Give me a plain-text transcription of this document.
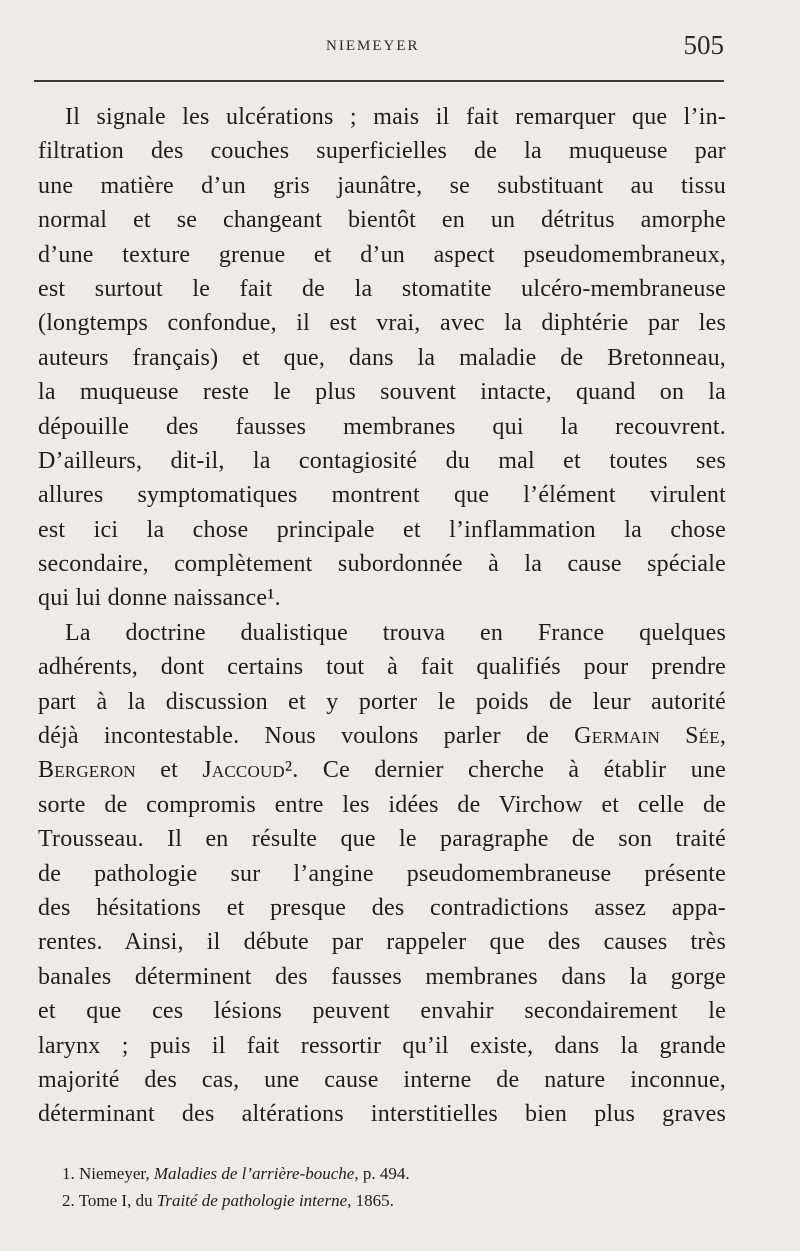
NIEMEYER	505
Il signale les ulcérations ; mais il fait remarquer que l’in-
filtration des couches superficielles de la muqueuse par
une matière d’un gris jaunâtre, se substituant au tissu
normal et se changeant bientôt en un détritus amorphe
d’une texture grenue et d’un aspect pseudomembraneux,
est surtout le fait de la stomatite ulcéro-membraneuse
(longtemps confondue, il est vrai, avec la diphtérie par les
auteurs français) et que, dans la maladie de Bretonneau,
la muqueuse reste le plus souvent intacte, quand on la
dépouille des fausses membranes qui la recouvrent.
D’ailleurs, dit-il, la contagiosité du mal et toutes ses
allures symptomatiques montrent que l’élément virulent
est ici la chose principale et l’inflammation la chose
secondaire, complètement subordonnée à la cause spéciale
qui lui donne naissance¹.
La doctrine dualistique trouva en France quelques
adhérents, dont certains tout à fait qualifiés pour prendre
part à la discussion et y porter le poids de leur autorité
déjà incontestable. Nous voulons parler de Germain Sée,
Bergeron et Jaccoud². Ce dernier cherche à établir une
sorte de compromis entre les idées de Virchow et celle de
Trousseau. Il en résulte que le paragraphe de son traité
de pathologie sur l’angine pseudomembraneuse présente
des hésitations et presque des contradictions assez appa-
rentes. Ainsi, il débute par rappeler que des causes très
banales déterminent des fausses membranes dans la gorge
et que ces lésions peuvent envahir secondairement le
larynx ; puis il fait ressortir qu’il existe, dans la grande
majorité des cas, une cause interne de nature inconnue,
déterminant des altérations interstitielles bien plus graves
1. Niemeyer, Maladies de l’arrière-bouche, p. 494.
2. Tome I, du Traité de pathologie interne, 1865.
